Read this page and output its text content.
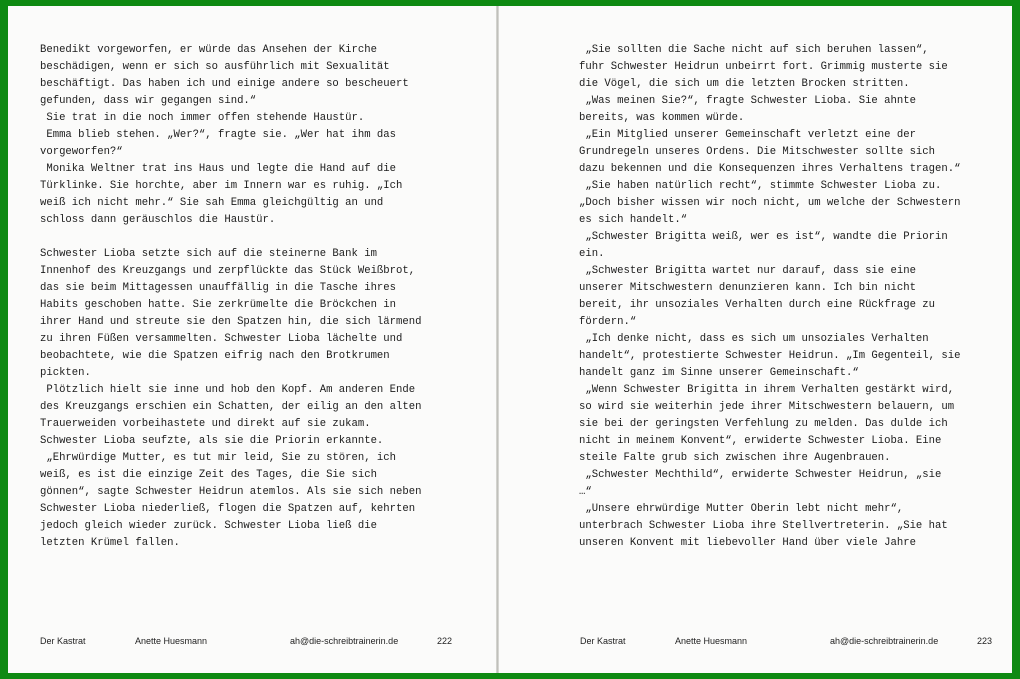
Benedikt vorgeworfen, er würde das Ansehen der Kirche
beschädigen, wenn er sich so ausführlich mit Sexualität
beschäftigt. Das haben ich und einige andere so bescheuert
gefunden, dass wir gegangen sind.“
Sie trat in die noch immer offen stehende Haustür.
Emma blieb stehen. „Wer?“, fragte sie. „Wer hat ihm das
vorgeworfen?“
Monika Weltner trat ins Haus und legte die Hand auf die
Türklinke. Sie horchte, aber im Innern war es ruhig. „Ich
weiß ich nicht mehr.“ Sie sah Emma gleichgültig an und
schloss dann geräuschlos die Haustür.
Schwester Lioba setzte sich auf die steinerne Bank im
Innenhof des Kreuzgangs und zerpflückte das Stück Weißbrot,
das sie beim Mittagessen unauffällig in die Tasche ihres
Habits geschoben hatte. Sie zerkrümelte die Bröckchen in
ihrer Hand und streute sie den Spatzen hin, die sich lärmend
zu ihren Füßen versammelten. Schwester Lioba lächelte und
beobachtete, wie die Spatzen eifrig nach den Brotkrumen
pickten.
Plötzlich hielt sie inne und hob den Kopf. Am anderen Ende
des Kreuzgangs erschien ein Schatten, der eilig an den alten
Trauerweiden vorbeihastete und direkt auf sie zukam.
Schwester Lioba seufzte, als sie die Priorin erkannte.
„Ehrwürdige Mutter, es tut mir leid, Sie zu stören, ich
weiß, es ist die einzige Zeit des Tages, die Sie sich
gönnen“, sagte Schwester Heidrun atemlos. Als sie sich neben
Schwester Lioba niederließ, flogen die Spatzen auf, kehrten
jedoch gleich wieder zurück. Schwester Lioba ließ die
letzten Krümel fallen.
Der Kastrat	Anette Huesmann	ah@die-schreibtrainerin.de	222
„Sie sollten die Sache nicht auf sich beruhen lassen“,
fuhr Schwester Heidrun unbeirrt fort. Grimmig musterte sie
die Vögel, die sich um die letzten Brocken stritten.
„Was meinen Sie?“, fragte Schwester Lioba. Sie ahnte
bereits, was kommen würde.
„Ein Mitglied unserer Gemeinschaft verletzt eine der
Grundregeln unseres Ordens. Die Mitschwester sollte sich
dazu bekennen und die Konsequenzen ihres Verhaltens tragen.“
„Sie haben natürlich recht“, stimmte Schwester Lioba zu.
„Doch bisher wissen wir noch nicht, um welche der Schwestern
es sich handelt.“
„Schwester Brigitta weiß, wer es ist“, wandte die Priorin
ein.
„Schwester Brigitta wartet nur darauf, dass sie eine
unserer Mitschwestern denunzieren kann. Ich bin nicht
bereit, ihr unsoziales Verhalten durch eine Rückfrage zu
fördern.“
„Ich denke nicht, dass es sich um unsoziales Verhalten
handelt“, protestierte Schwester Heidrun. „Im Gegenteil, sie
handelt ganz im Sinne unserer Gemeinschaft.“
„Wenn Schwester Brigitta in ihrem Verhalten gestärkt wird,
so wird sie weiterhin jede ihrer Mitschwestern belauern, um
sie bei der geringsten Verfehlung zu melden. Das dulde ich
nicht in meinem Konvent“, erwiderte Schwester Lioba. Eine
steile Falte grub sich zwischen ihre Augenbrauen.
„Schwester Mechthild“, erwiderte Schwester Heidrun, „sie
…“
„Unsere ehrwürdige Mutter Oberin lebt nicht mehr“,
unterbrach Schwester Lioba ihre Stellvertreterin. „Sie hat
unseren Konvent mit liebevoller Hand über viele Jahre
Der Kastrat	Anette Huesmann	ah@die-schreibtrainerin.de	223
